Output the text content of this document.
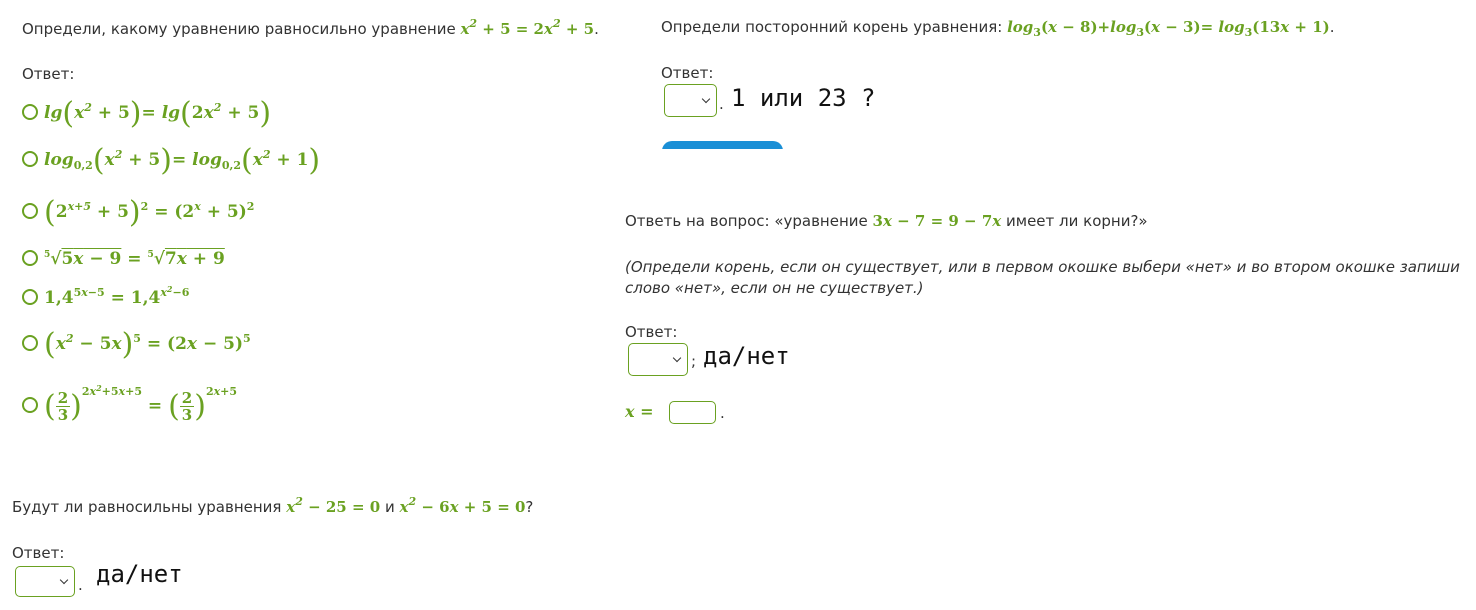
Определи, какому уравнению равносильно уравнение $x^2 + 5 = 2x^2 + 5$.
Ответ:
$\lg(x^2 + 5)= \lg(2x^2 + 5)$
$\log_{0,2}(x^2 + 5)= \log_{0,2}(x^2 + 1)$
$(2^{x+5} + 5)^2 = (2^x + 5)^2$
$^5$√5x − 9 = $^5$√7x + 9
$1,4^{5x-5} = 1,4^{x^2-6}$
$(x^2 - 5x)^5 = (2x - 5)^5$
( $\frac{2}{3} )^{2x^2+5x+5}$ = ( $\frac{2}{3} )^{2x+5}$
Будут ли равносильны уравнения $x^2 - 25 = 0$ и $x^2 - 6x + 5 = 0$?
Ответ:
. да/нет
Определи посторонний корень уравнения: $\log_3(x - 8)+\log_3(x - 3)= \log_3(13x + 1)$.
Ответ:
. 1 или 23 ?
Ответь на вопрос: «уравнение 3x − 7 = 9 − 7x имеет ли корни?»
(Определи корень, если он существует, или в первом окошке выбери «нет» и во втором окошке запиши слово «нет», если он не существует.)
Ответ:
; да/нет
x =	.
